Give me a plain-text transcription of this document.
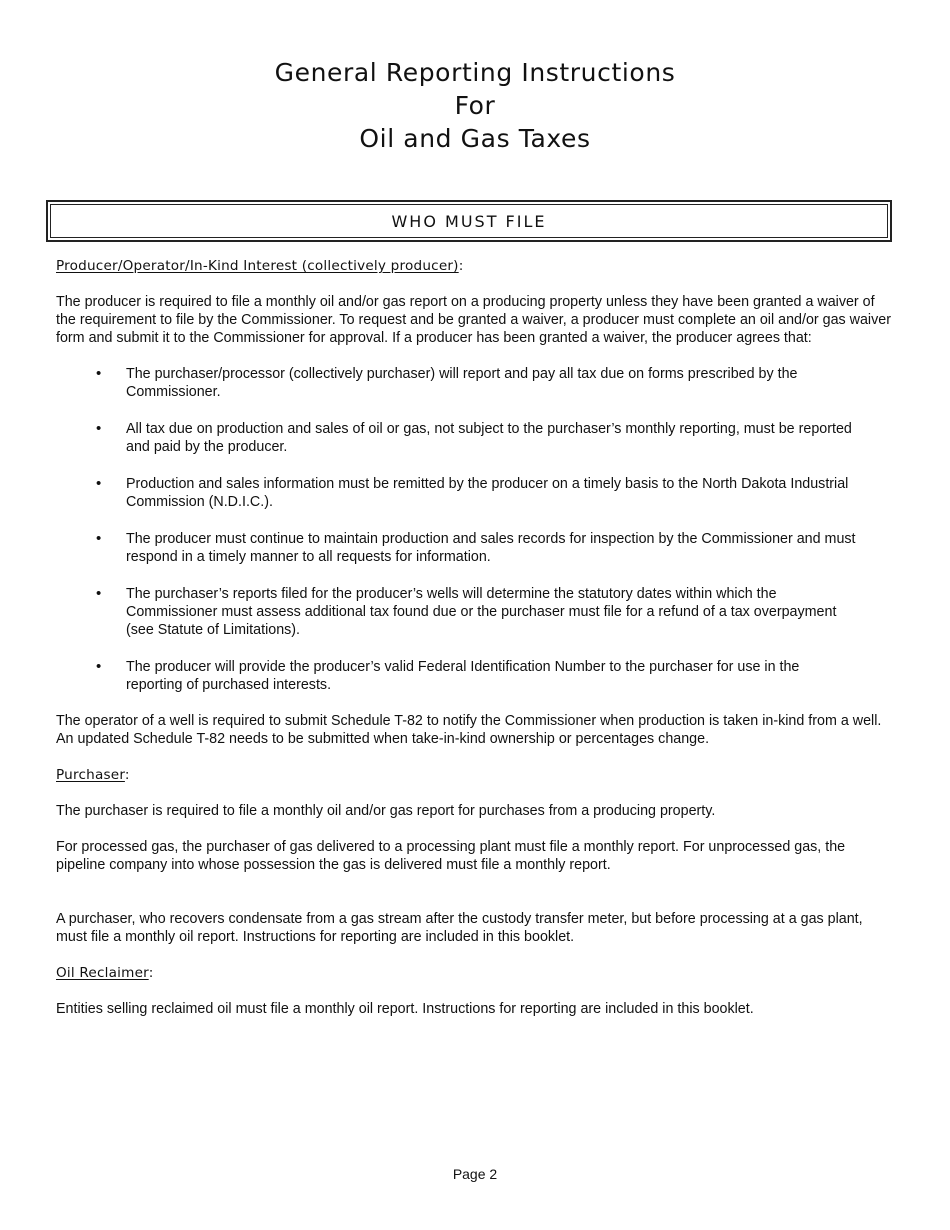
General Reporting Instructions
For
Oil and Gas Taxes
WHO MUST FILE

Producer/Operator/In-Kind Interest (collectively producer):

The producer is required to file a monthly oil and/or gas report on a producing property unless they have been granted a waiver of the requirement to file by the Commissioner. To request and be granted a waiver, a producer must complete an oil and/or gas waiver form and submit it to the Commissioner for approval. If a producer has been granted a waiver, the producer agrees that:

• The purchaser/processor (collectively purchaser) will report and pay all tax due on forms prescribed by the Commissioner.
• All tax due on production and sales of oil or gas, not subject to the purchaser’s monthly reporting, must be reported and paid by the producer.
• Production and sales information must be remitted by the producer on a timely basis to the North Dakota Industrial Commission (N.D.I.C.).
• The producer must continue to maintain production and sales records for inspection by the Commissioner and must respond in a timely manner to all requests for information.
• The purchaser’s reports filed for the producer’s wells will determine the statutory dates within which the Commissioner must assess additional tax found due or the purchaser must file for a refund of a tax overpayment (see Statute of Limitations).
• The producer will provide the producer’s valid Federal Identification Number to the purchaser for use in the reporting of purchased interests.

The operator of a well is required to submit Schedule T-82 to notify the Commissioner when production is taken in-kind from a well. An updated Schedule T-82 needs to be submitted when take-in-kind ownership or percentages change.

Purchaser:

The purchaser is required to file a monthly oil and/or gas report for purchases from a producing property.

For processed gas, the purchaser of gas delivered to a processing plant must file a monthly report. For unprocessed gas, the pipeline company into whose possession the gas is delivered must file a monthly report.

A purchaser, who recovers condensate from a gas stream after the custody transfer meter, but before processing at a gas plant, must file a monthly oil report. Instructions for reporting are included in this booklet.

Oil Reclaimer:

Entities selling reclaimed oil must file a monthly oil report. Instructions for reporting are included in this booklet.

Page 2
